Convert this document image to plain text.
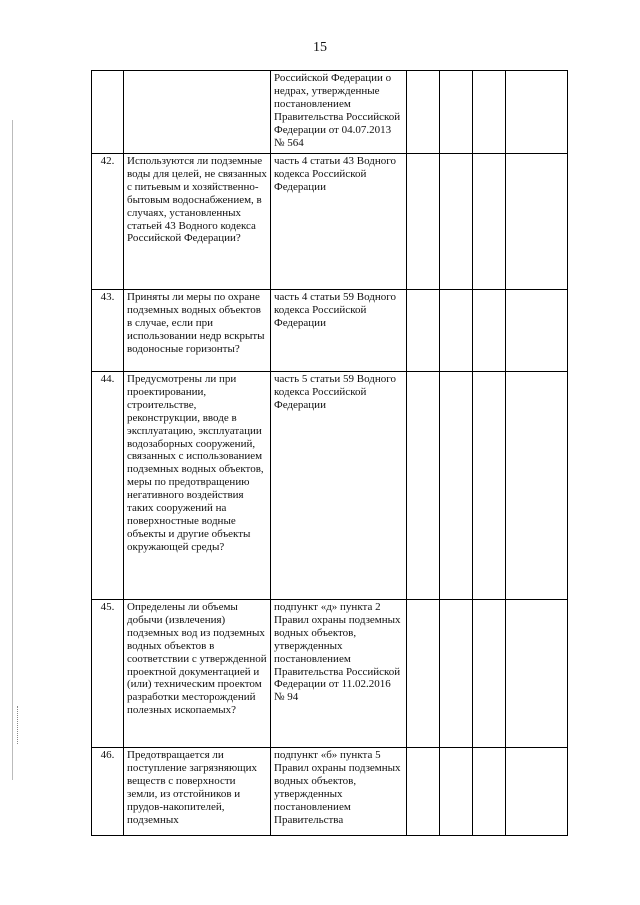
15
		Российской Федерации о недрах, утвержденные постановлением Правительства Российской Федерации от 04.07.2013 № 564				
42.	Используются ли подземные воды для целей, не связанных с питьевым и хозяйственно-бытовым водоснабжением, в случаях, установленных статьей 43 Водного кодекса Российской Федерации?	часть 4 статьи 43 Водного кодекса Российской Федерации				
43.	Приняты ли меры по охране подземных водных объектов в случае, если при использовании недр вскрыты водоносные горизонты?	часть 4 статьи 59 Водного кодекса Российской Федерации				
44.	Предусмотрены ли при проектировании, строительстве, реконструкции, вводе в эксплуатацию, эксплуатации водозаборных сооружений, связанных с использованием подземных водных объектов, меры по предотвращению негативного воздействия таких сооружений на поверхностные водные объекты и другие объекты окружающей среды?	часть 5 статьи 59 Водного кодекса Российской Федерации				
45.	Определены ли объемы добычи (извлечения) подземных вод из подземных водных объектов в соответствии с утвержденной проектной документацией и (или) техническим проектом разработки месторождений полезных ископаемых?	подпункт «д» пункта 2 Правил охраны подземных водных объектов, утвержденных постановлением Правительства Российской Федерации от 11.02.2016 № 94				
46.	Предотвращается ли поступление загрязняющих веществ с поверхности земли, из отстойников и прудов-накопителей, подземных	подпункт «б» пункта 5 Правил охраны подземных водных объектов, утвержденных постановлением Правительства				
